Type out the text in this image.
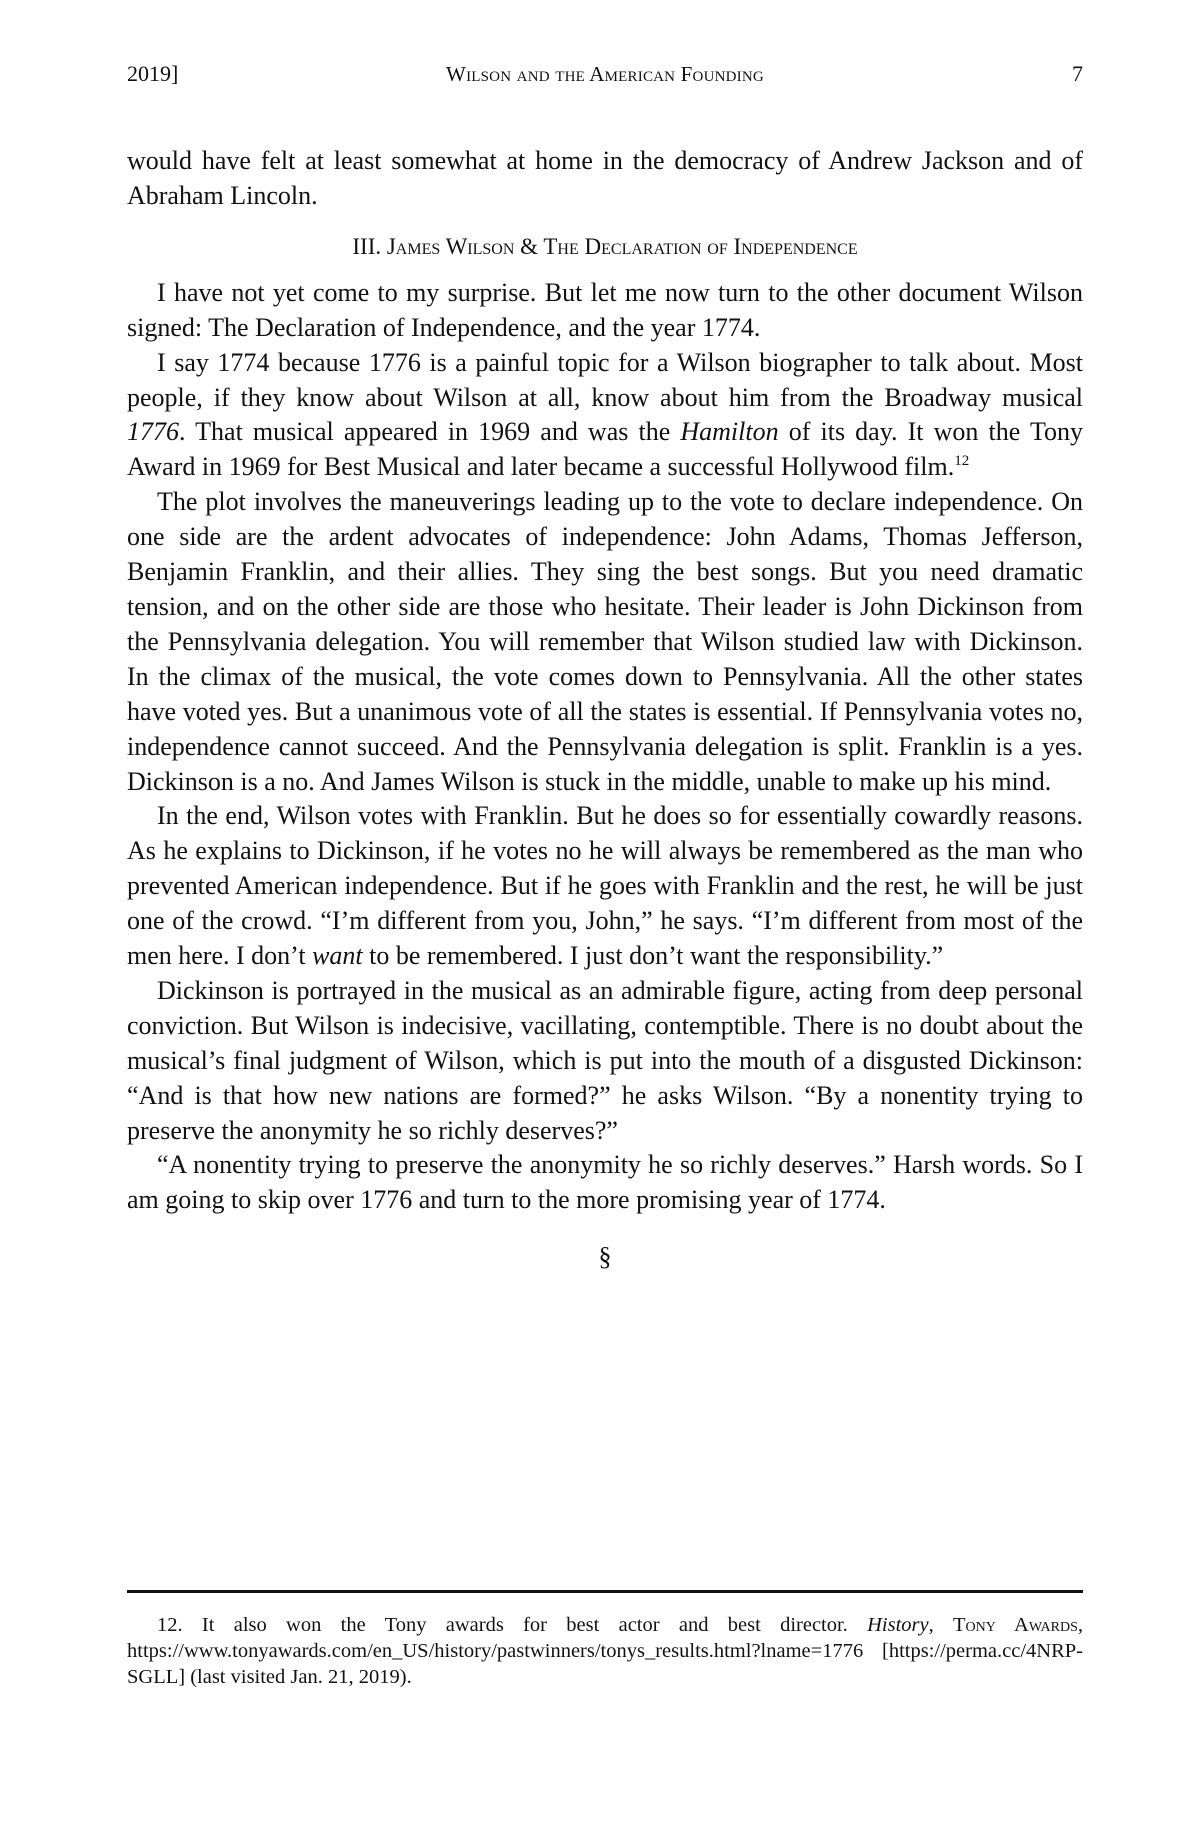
2019]	Wilson and the American Founding	7

would have felt at least somewhat at home in the democracy of Andrew Jackson and of Abraham Lincoln.

III. James Wilson & The Declaration of Independence

I have not yet come to my surprise. But let me now turn to the other document Wilson signed: The Declaration of Independence, and the year 1774.

I say 1774 because 1776 is a painful topic for a Wilson biographer to talk about. Most people, if they know about Wilson at all, know about him from the Broadway musical 1776. That musical appeared in 1969 and was the Hamilton of its day. It won the Tony Award in 1969 for Best Musical and later became a successful Hollywood film.$^{12}$

The plot involves the maneuverings leading up to the vote to declare independence. On one side are the ardent advocates of independence: John Adams, Thomas Jefferson, Benjamin Franklin, and their allies. They sing the best songs. But you need dramatic tension, and on the other side are those who hesitate. Their leader is John Dickinson from the Pennsylvania delegation. You will remember that Wilson studied law with Dickinson. In the climax of the musical, the vote comes down to Pennsylvania. All the other states have voted yes. But a unanimous vote of all the states is essential. If Pennsylvania votes no, independence cannot succeed. And the Pennsylvania delegation is split. Franklin is a yes. Dickinson is a no. And James Wilson is stuck in the middle, unable to make up his mind.

In the end, Wilson votes with Franklin. But he does so for essentially cowardly reasons. As he explains to Dickinson, if he votes no he will always be remembered as the man who prevented American independence. But if he goes with Franklin and the rest, he will be just one of the crowd. “I’m different from you, John,” he says. “I’m different from most of the men here. I don’t want to be remembered. I just don’t want the responsibility.”

Dickinson is portrayed in the musical as an admirable figure, acting from deep personal conviction. But Wilson is indecisive, vacillating, contemptible. There is no doubt about the musical’s final judgment of Wilson, which is put into the mouth of a disgusted Dickinson: “And is that how new nations are formed?” he asks Wilson. “By a nonentity trying to preserve the anonymity he so richly deserves?”

“A nonentity trying to preserve the anonymity he so richly deserves.” Harsh words. So I am going to skip over 1776 and turn to the more promising year of 1774.

§

12. It also won the Tony awards for best actor and best director. History, Tony Awards, https://www.tonyawards.com/en_US/history/pastwinners/tonys_results.html?lname=1776 [https://perma.cc/4NRP-SGLL] (last visited Jan. 21, 2019).
